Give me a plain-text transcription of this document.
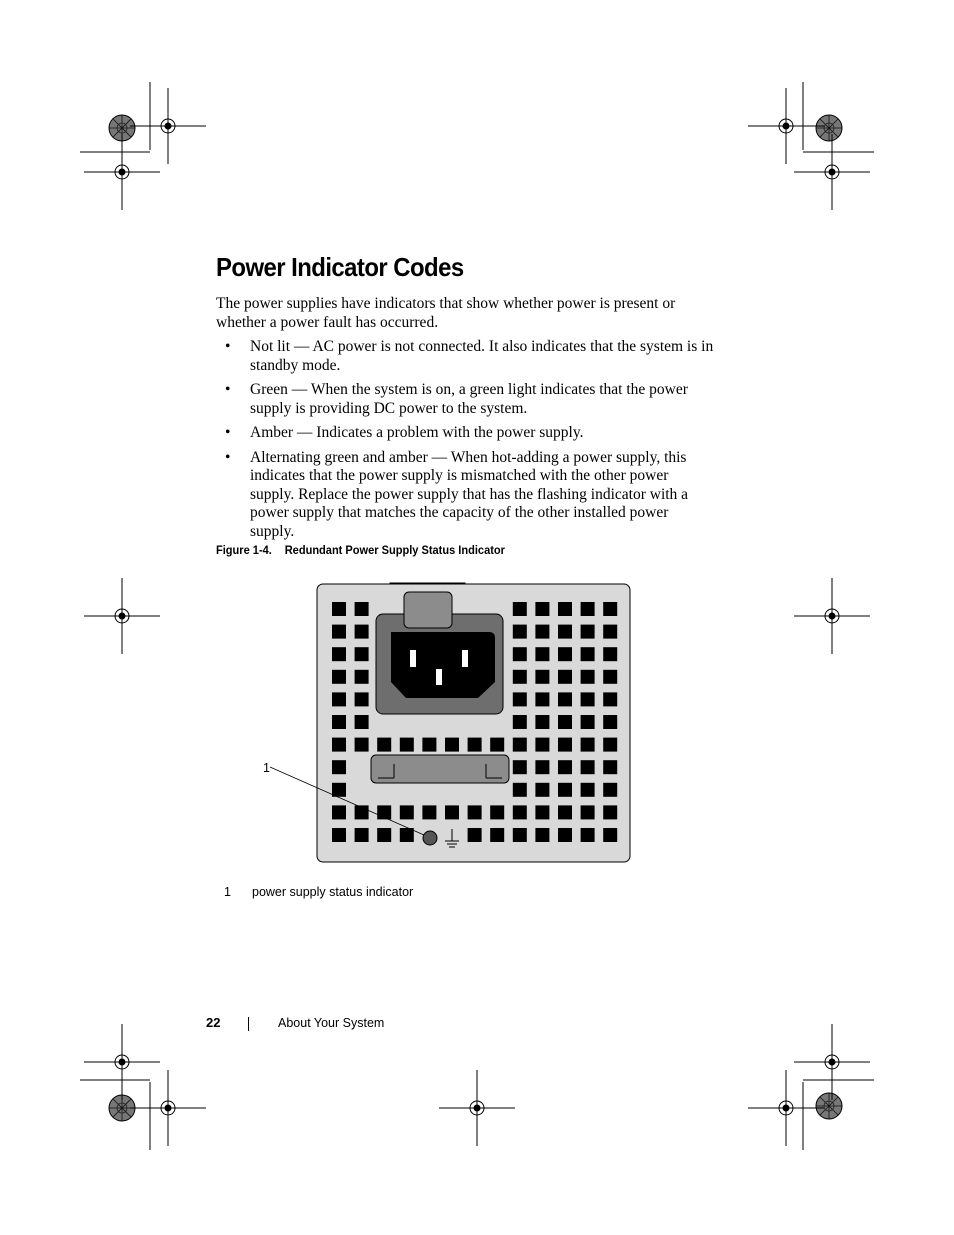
Power Indicator Codes

The power supplies have indicators that show whether power is present or whether a power fault has occurred.

• Not lit — AC power is not connected. It also indicates that the system is in standby mode.
• Green — When the system is on, a green light indicates that the power supply is providing DC power to the system.
• Amber — Indicates a problem with the power supply.
• Alternating green and amber — When hot-adding a power supply, this indicates that the power supply is mismatched with the other power supply. Replace the power supply that has the flashing indicator with a power supply that matches the capacity of the other installed power supply.
Figure 1-4. Redundant Power Supply Status Indicator
1
1 power supply status indicator
22	About Your System
